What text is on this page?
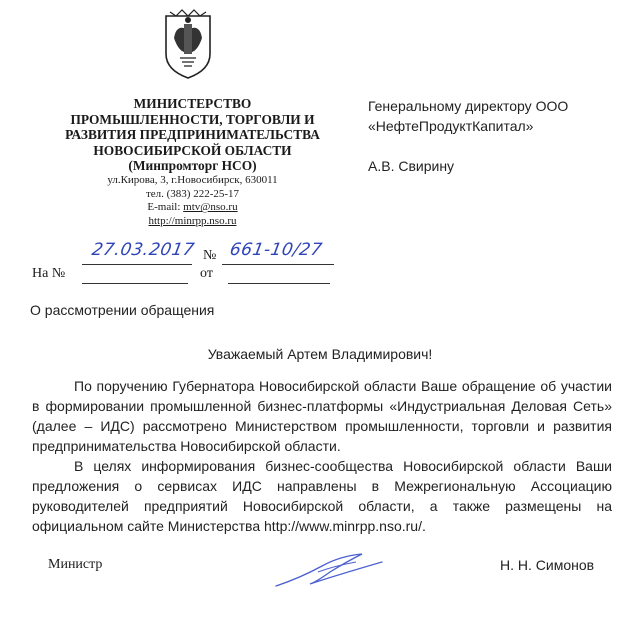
МИНИСТЕРСТВО
ПРОМЫШЛЕННОСТИ, ТОРГОВЛИ И
РАЗВИТИЯ ПРЕДПРИНИМАТЕЛЬСТВА
НОВОСИБИРСКОЙ ОБЛАСТИ
(Минпромторг НСО)
ул.Кирова, 3, г.Новосибирск, 630011
тел. (383) 222-25-17
E-mail: mtv@nso.ru
http://minrpp.nso.ru
Генеральному директору ООО
«НефтеПродуктКапитал»
А.В. Свирину
27.03.2017 № 661-10/27
На №	от
О рассмотрении обращения
Уважаемый Артем Владимирович!

По поручению Губернатора Новосибирской области Ваше обращение об участии в формировании промышленной бизнес-платформы «Индустриальная Деловая Сеть» (далее – ИДС) рассмотрено Министерством промышленности, торговли и развития предпринимательства Новосибирской области.

В целях информирования бизнес-сообщества Новосибирской области Ваши предложения о сервисах ИДС направлены в Межрегиональную Ассоциацию руководителей предприятий Новосибирской области, а также размещены на официальном сайте Министерства http://www.minrpp.nso.ru/.

Министр	Н. Н. Симонов
